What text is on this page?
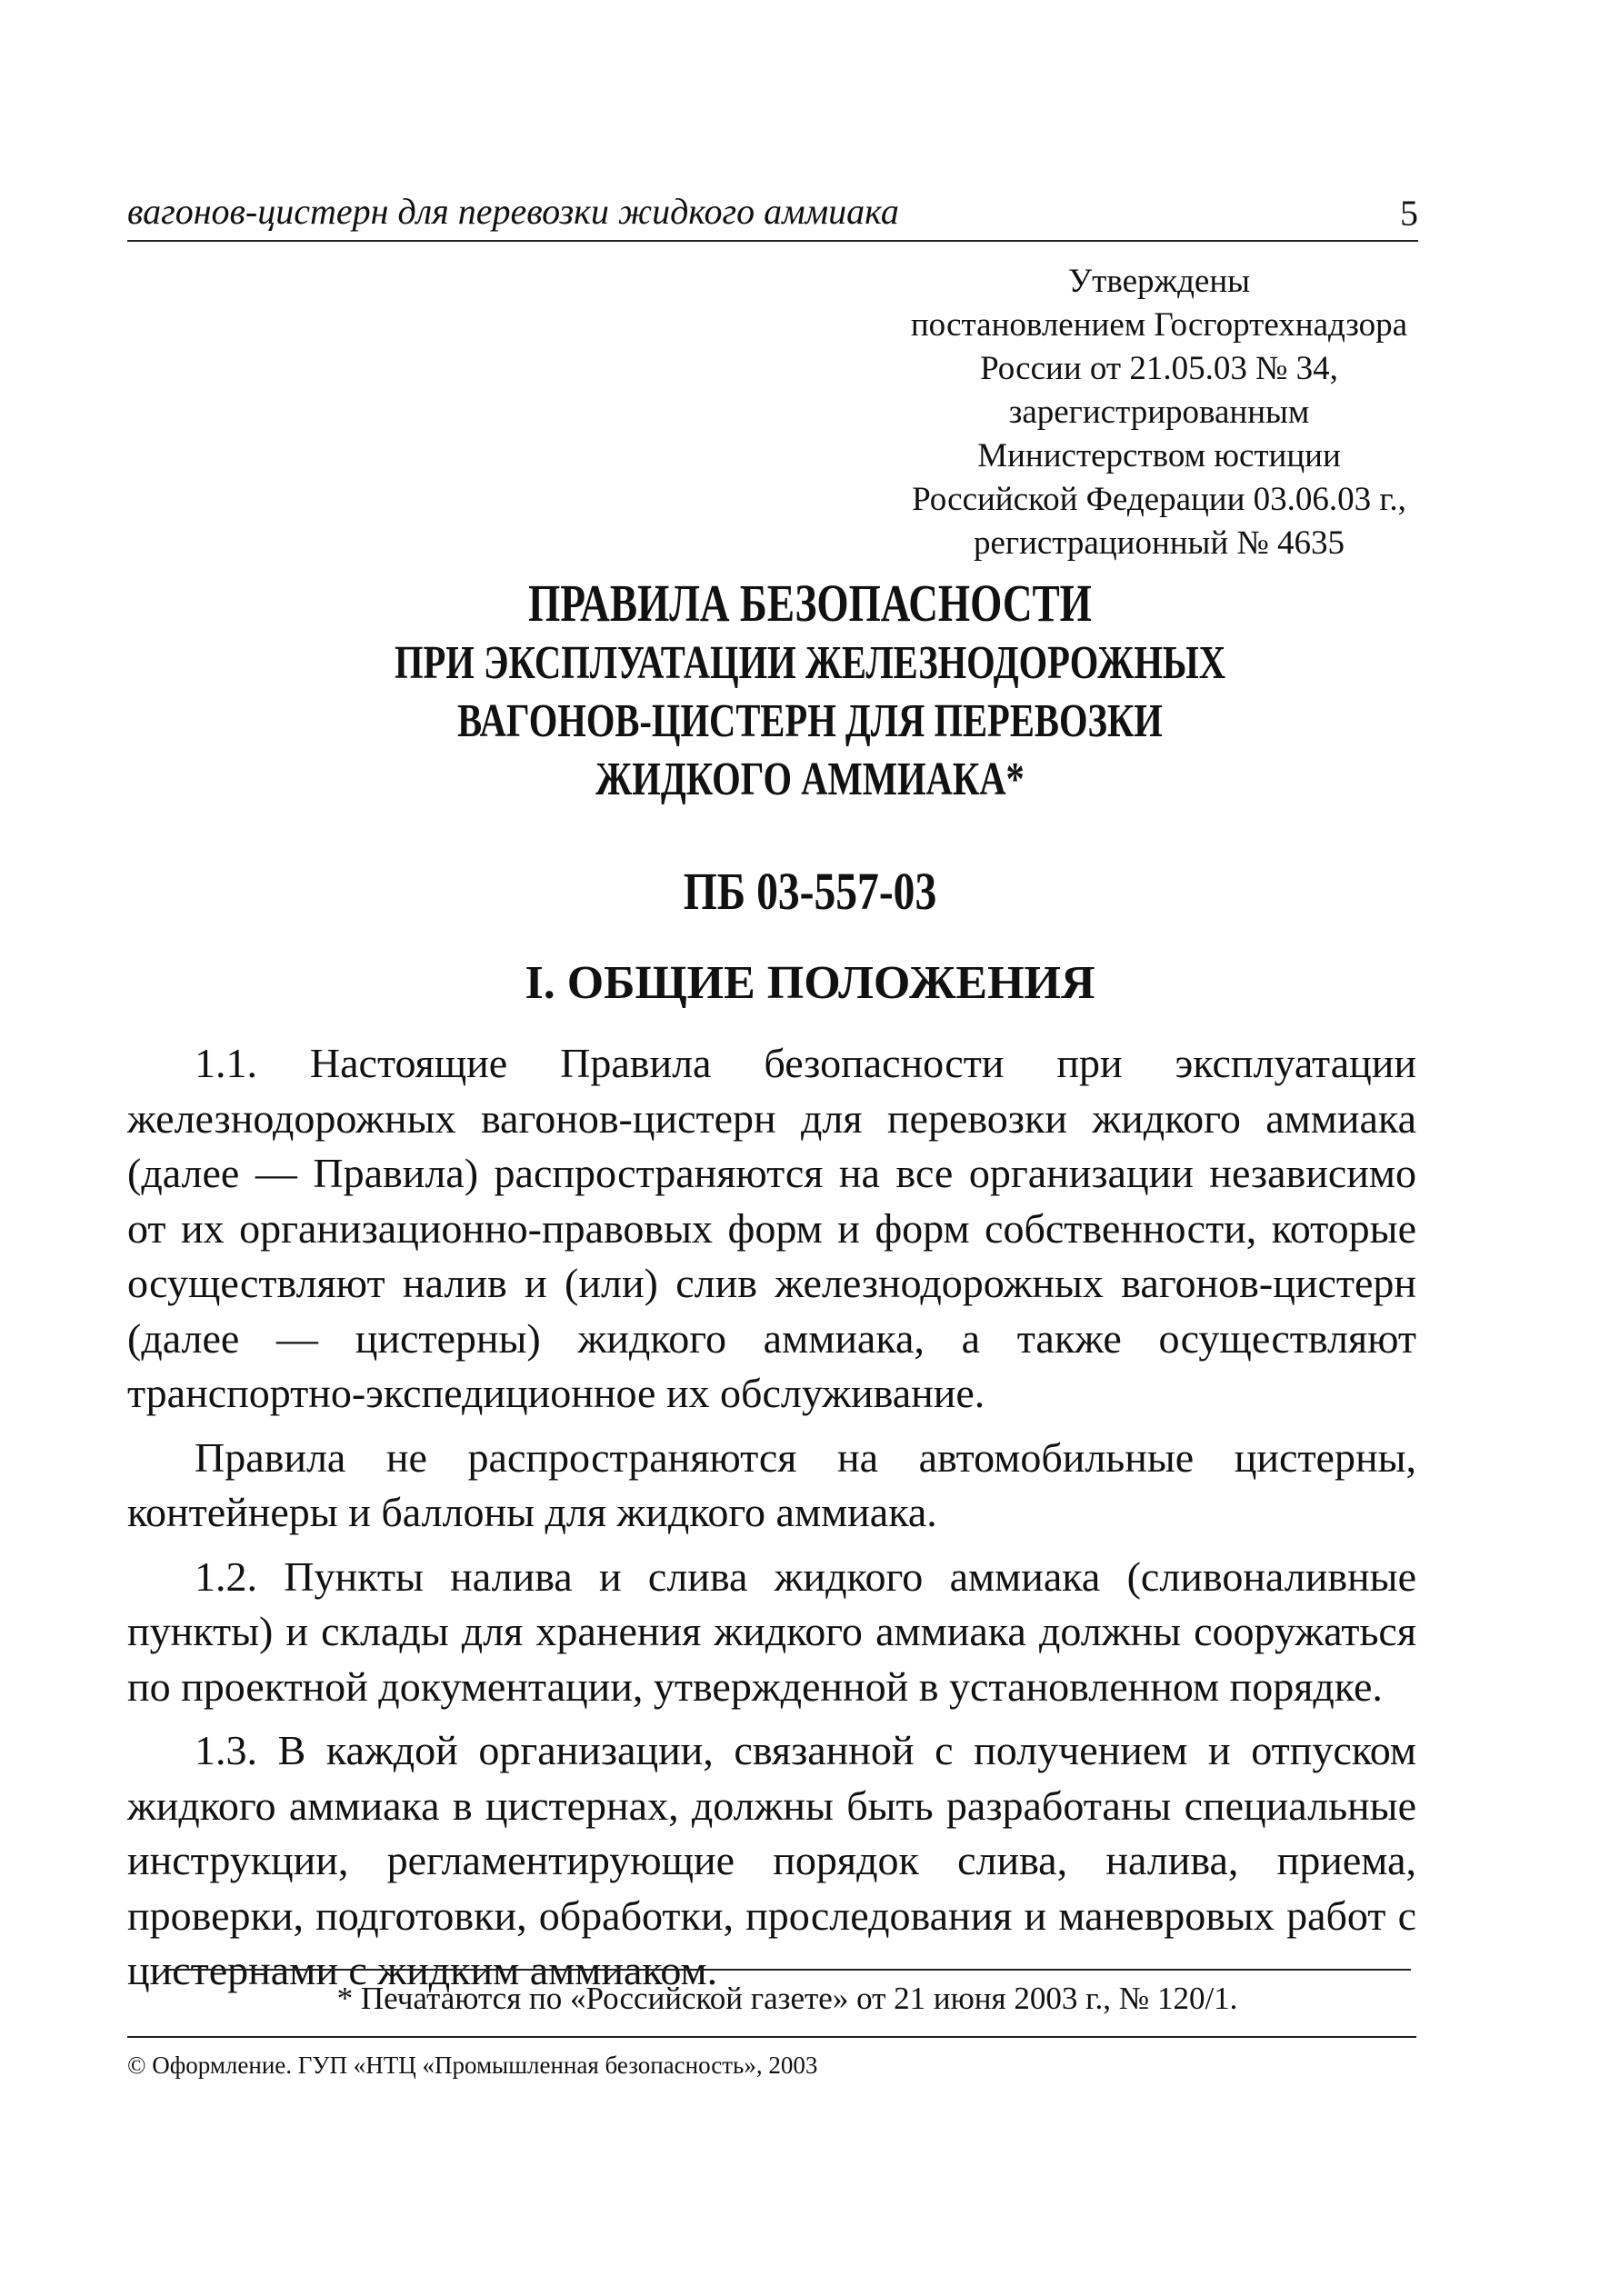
вагонов-цистерн для перевозки жидкого аммиака	5
Утверждены
постановлением Госгортехнадзора
России от 21.05.03 № 34,
зарегистрированным
Министерством юстиции
Российской Федерации 03.06.03 г.,
регистрационный № 4635
ПРАВИЛА БЕЗОПАСНОСТИ
ПРИ ЭКСПЛУАТАЦИИ ЖЕЛЕЗНОДОРОЖНЫХ
ВАГОНОВ-ЦИСТЕРН ДЛЯ ПЕРЕВОЗКИ
ЖИДКОГО АММИАКА*
ПБ 03-557-03
I. ОБЩИЕ ПОЛОЖЕНИЯ

1.1. Настоящие Правила безопасности при эксплуатации железнодорожных вагонов-цистерн для перевозки жидкого аммиака (далее — Правила) распространяются на все организации независимо от их организационно-правовых форм и форм собственности, которые осуществляют налив и (или) слив железнодорожных вагонов-цистерн (далее — цистерны) жидкого аммиака, а также осуществляют транспортно-экспедиционное их обслуживание.

Правила не распространяются на автомобильные цистерны, контейнеры и баллоны для жидкого аммиака.

1.2. Пункты налива и слива жидкого аммиака (сливоналивные пункты) и склады для хранения жидкого аммиака должны сооружаться по проектной документации, утвержденной в установленном порядке.

1.3. В каждой организации, связанной с получением и отпуском жидкого аммиака в цистернах, должны быть разработаны специальные инструкции, регламентирующие порядок слива, налива, приема, проверки, подготовки, обработки, проследования и маневровых работ с цистернами с жидким аммиаком.

* Печатаются по «Российской газете» от 21 июня 2003 г., № 120/1.
© Оформление. ГУП «НТЦ «Промышленная безопасность», 2003
